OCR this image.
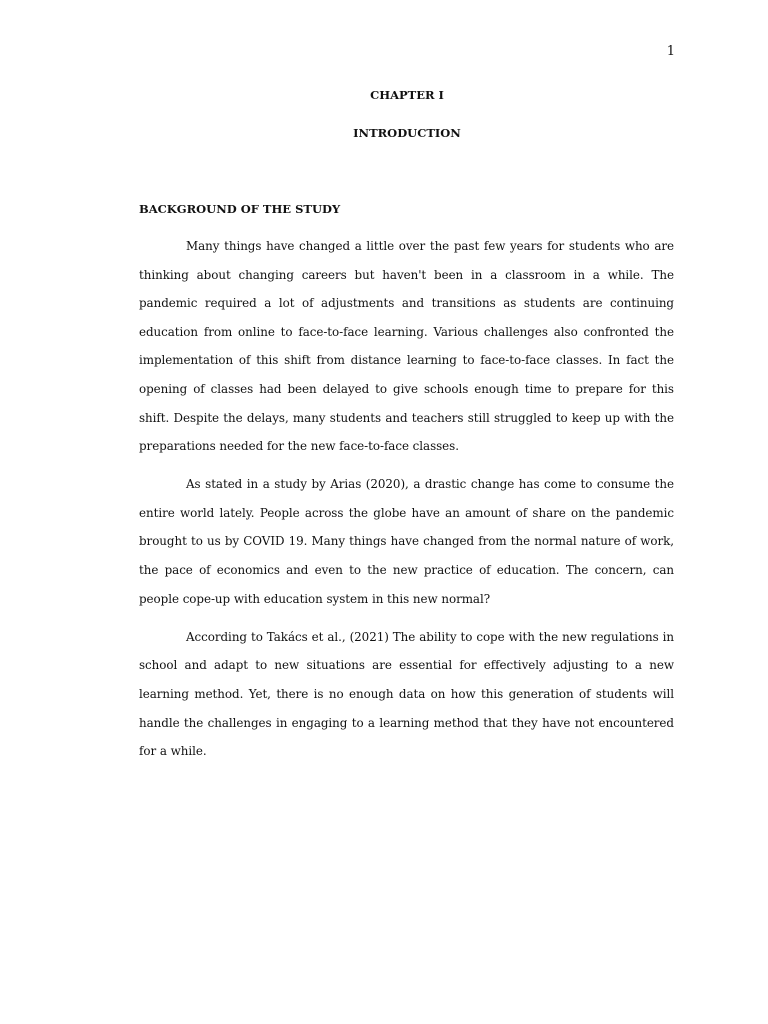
1
CHAPTER I
INTRODUCTION
BACKGROUND OF THE STUDY

Many things have changed a little over the past few years for students who are thinking about changing careers but haven't been in a classroom in a while. The pandemic required a lot of adjustments and transitions as students are continuing education from online to face-to-face learning. Various challenges also confronted the implementation of this shift from distance learning to face-to-face classes. In fact the opening of classes had been delayed to give schools enough time to prepare for this shift. Despite the delays, many students and teachers still struggled to keep up with the preparations needed for the new face-to-face classes.

As stated in a study by Arias (2020), a drastic change has come to consume the entire world lately. People across the globe have an amount of share on the pandemic brought to us by COVID 19. Many things have changed from the normal nature of work, the pace of economics and even to the new practice of education. The concern, can people cope-up with education system in this new normal?

According to Takács et al., (2021) The ability to cope with the new regulations in school and adapt to new situations are essential for effectively adjusting to a new learning method. Yet, there is no enough data on how this generation of students will handle the challenges in engaging to a learning method that they have not encountered for a while.
